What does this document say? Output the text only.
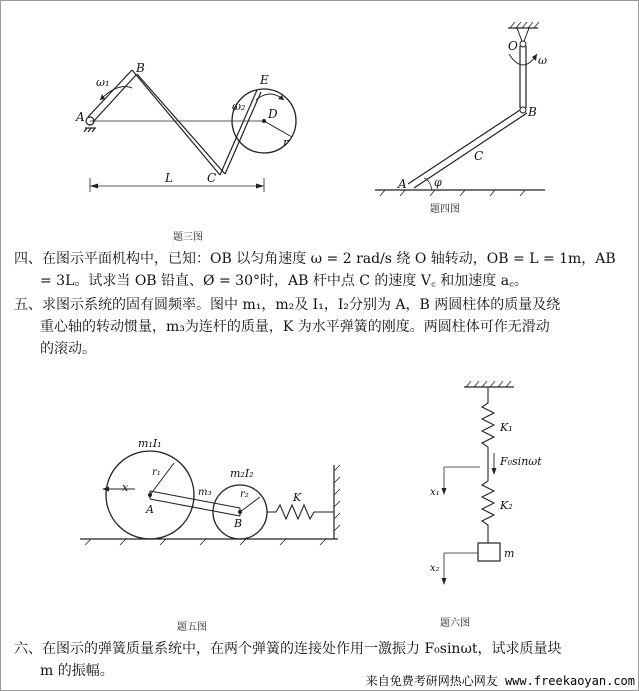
ω₁
B
A
C
D
E
ω₂
r
L
题三图
O
ω
B
C
A φ
题四图

四、在图示平面机构中，已知：OB 以匀角速度 ω = 2 rad/s 绕 O 轴转动，OB = L = 1m，AB

= 3L。试求当 OB 铅直、Ø = 30°时，AB 杆中点 C 的速度 V꜀ 和加速度 a꜀。

五、求图示系统的固有圆频率。图中 m₁，m₂及 I₁，I₂分别为 A，B 两圆柱体的质量及绕

重心轴的转动惯量，m₃为连杆的质量，K 为水平弹簧的刚度。两圆柱体可作无滑动

的滚动。

m₁I₁
r₁
x
A
m₃
m₂I₂
r₂
B
K
题五图
K₁
F₀sinωt
x₁
K₂
m
x₂
题六图

六、在图示的弹簧质量系统中，在两个弹簧的连接处作用一激振力 F₀sinωt，试求质量块

m 的振幅。

来自免费考研网热心网友 www.freekaoyan.com
